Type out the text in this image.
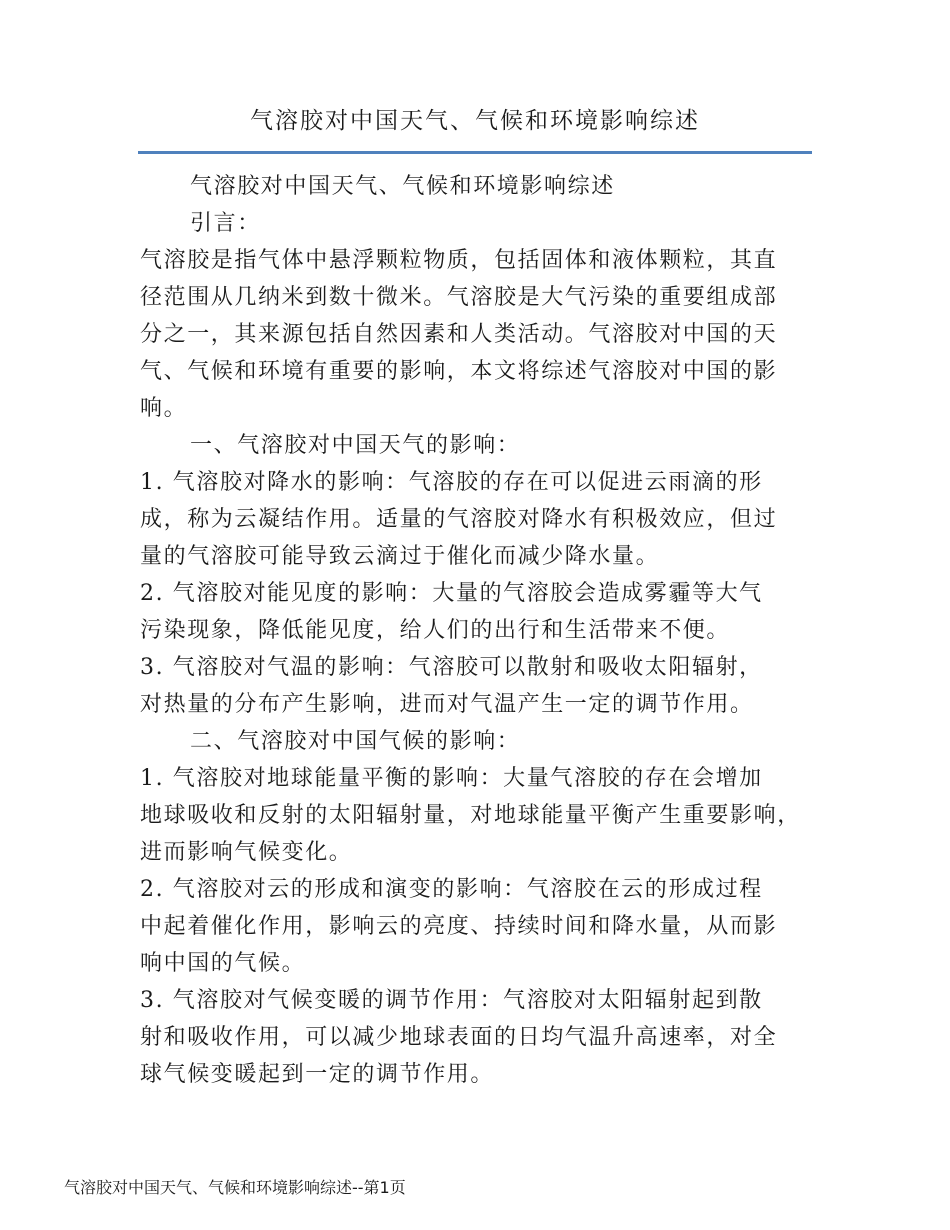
气溶胶对中国天气、气候和环境影响综述
气溶胶对中国天气、气候和环境影响综述
引言：
气溶胶是指气体中悬浮颗粒物质，包括固体和液体颗粒，其直
径范围从几纳米到数十微米。气溶胶是大气污染的重要组成部
分之一，其来源包括自然因素和人类活动。气溶胶对中国的天
气、气候和环境有重要的影响，本文将综述气溶胶对中国的影
响。
一、气溶胶对中国天气的影响：
1. 气溶胶对降水的影响：气溶胶的存在可以促进云雨滴的形
成，称为云凝结作用。适量的气溶胶对降水有积极效应，但过
量的气溶胶可能导致云滴过于催化而减少降水量。
2. 气溶胶对能见度的影响：大量的气溶胶会造成雾霾等大气
污染现象，降低能见度，给人们的出行和生活带来不便。
3. 气溶胶对气温的影响：气溶胶可以散射和吸收太阳辐射，
对热量的分布产生影响，进而对气温产生一定的调节作用。
二、气溶胶对中国气候的影响：
1. 气溶胶对地球能量平衡的影响：大量气溶胶的存在会增加
地球吸收和反射的太阳辐射量，对地球能量平衡产生重要影响，
进而影响气候变化。
2. 气溶胶对云的形成和演变的影响：气溶胶在云的形成过程
中起着催化作用，影响云的亮度、持续时间和降水量，从而影
响中国的气候。
3. 气溶胶对气候变暖的调节作用：气溶胶对太阳辐射起到散
射和吸收作用，可以减少地球表面的日均气温升高速率，对全
球气候变暖起到一定的调节作用。
气溶胶对中国天气、气候和环境影响综述--第1页
